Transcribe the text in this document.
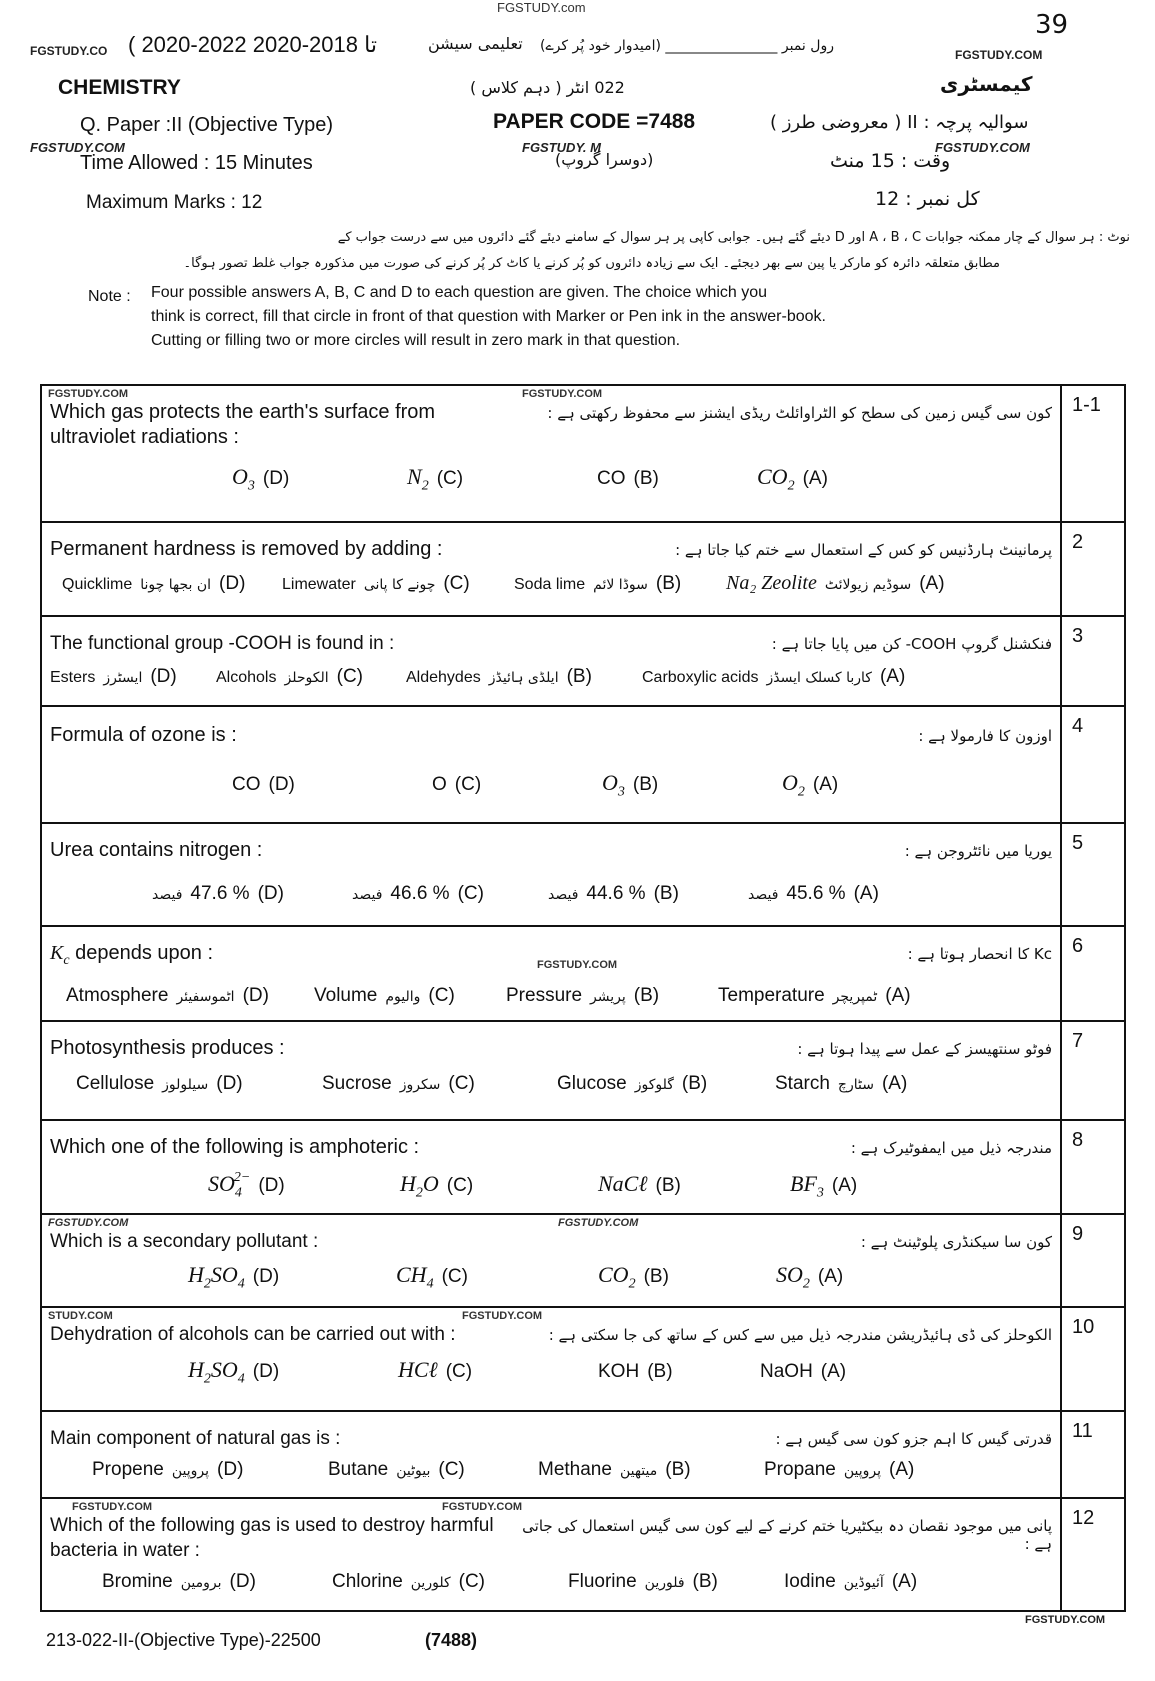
FGSTUDY.com
39
FGSTUDY.CO ( 2020-2022 تا 2018-2020	تعلیمی سیشن رول نمبر ________________ (امیدوار خود پُر کرے)
FGSTUDY.COM
CHEMISTRY	022 انٹر ( دہم کلاس )	کیمسٹری
Q. Paper :II (Objective Type)	PAPER CODE =7488	سوالیہ پرچہ : II ( معروضی طرز )
FGSTUDY.COM	FGSTUDY. M
(دوسرا گروپ)
FGSTUDY.COM
Time Allowed : 15 Minutes	وقت : 15 منٹ
Maximum Marks : 12	کل نمبر : 12
نوٹ : ہر سوال کے چار ممکنہ جوابات A ، B ، C اور D دیئے گئے ہیں۔ جوابی کاپی پر ہر سوال کے سامنے دیئے گئے دائروں میں سے درست جواب کے
مطابق متعلقہ دائرہ کو مارکر یا پین سے بھر دیجئے۔ ایک سے زیادہ دائروں کو پُر کرنے یا کاٹ کر پُر کرنے کی صورت میں مذکورہ جواب غلط تصور ہوگا۔
Note : Four possible answers A, B, C and D to each question are given. The choice which you
think is correct, fill that circle in front of that question with Marker or Pen ink in the answer-book.
Cutting or filling two or more circles will result in zero mark in that question.
FGSTUDY.COM	FGSTUDY.COM
Which gas protects the earth's surface from ultraviolet radiations :
کون سی گیس زمین کی سطح کو الٹراوائلٹ ریڈی ایشنز سے محفوظ رکھتی ہے :
$O_3$ (D)	$N_2$ (C)	CO (B)	$CO_2$ (A)
	1-1

Permanent hardness is removed by adding :	پرمانینٹ ہارڈنیس کو کس کے استعمال سے ختم کیا جاتا ہے :
Quicklime ان بجھا چونا (D) Limewater چونے کا پانی (C)	Soda lime سوڈا لائم (B) Na₂ Zeolite سوڈیم زیولائٹ (A)
	2

The functional group -COOH is found in :	فنکشنل گروپ COOH- کن میں پایا جاتا ہے :
Esters ایسٹرز (D) Alcohols الکوحلز (C)	Aldehydes ایلڈی ہائیڈز (B)	Carboxylic acids کاربا کسلک ایسڈز (A)
	3

Formula of ozone is :	اوزون کا فارمولا ہے :
CO (D)	O (C)	$O_3$ (B)	$O_2$ (A)
	4

Urea contains nitrogen :	یوریا میں نائٹروجن ہے :
فیصد 47.6 % (D)	فیصد 46.6 % (C)	فیصد 44.6 % (B)	فیصد 45.6 % (A)
	5

FGSTUDY.COM
$K_c$ depends upon :	Kc کا انحصار ہوتا ہے :
Atmosphere اٹموسفیئر (D) Volume والیوم (C)	Pressure پریشر (B)	Temperature ٹمپریچر (A)
	6

Photosynthesis produces :	فوٹو سنتھیسز کے عمل سے پیدا ہوتا ہے :
Cellulose سیلولوز (D)	Sucrose سکروز (C)	Glucose گلوکوز (B)	Starch سٹارچ (A)
	7

Which one of the following is amphoteric :	مندرجہ ذیل میں ایمفوٹیرک ہے :
$SO_4^{2-}$ (D)	$H_2O$ (C)	NaCℓ (B)	$BF_3$ (A)
	8

FGSTUDY.COM	FGSTUDY.COM
Which is a secondary pollutant :	کون سا سیکنڈری پلوٹینٹ ہے :
$H_2SO_4$ (D)	$CH_4$ (C)	$CO_2$ (B)	$SO_2$ (A)
	9

STUDY.COM	FGSTUDY.COM
Dehydration of alcohols can be carried out with :	الکوحلز کی ڈی ہائیڈریشن مندرجہ ذیل میں سے کس کے ساتھ کی جا سکتی ہے :
$H_2SO_4$ (D)	HCℓ (C)	KOH (B)	NaOH (A)
	10

Main component of natural gas is :	قدرتی گیس کا اہم جزو کون سی گیس ہے :
Propene پروپین (D)	Butane بیوٹین (C)	Methane میتھین (B)	Propane پروپین (A)
	11

FGSTUDY.COM	FGSTUDY.COM
Which of the following gas is used to destroy harmful bacteria in water :
پانی میں موجود نقصان دہ بیکٹیریا ختم کرنے کے لیے کون سی گیس استعمال کی جاتی ہے :
Bromine برومین (D)	Chlorine کلورین (C)	Fluorine فلورین (B)	Iodine آئیوڈین (A)
	12
FGSTUDY.COM
213-022-II-(Objective Type)-22500	(7488)
